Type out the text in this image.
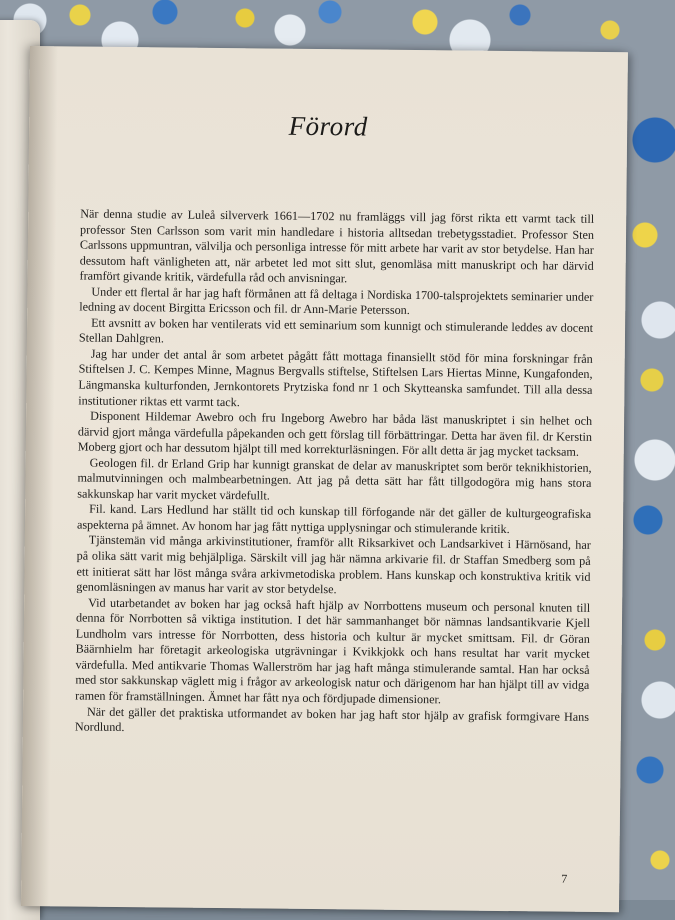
Förord

När denna studie av Luleå silververk 1661—1702 nu framläggs vill jag först rikta ett varmt tack till professor Sten Carlsson som varit min handledare i historia alltsedan trebetygsstadiet. Professor Sten Carlssons uppmuntran, välvilja och personliga intresse för mitt arbete har varit av stor betydelse. Han har dessutom haft vänligheten att, när arbetet led mot sitt slut, genomläsa mitt manuskript och har därvid framfört givande kritik, värdefulla råd och anvisningar.

Under ett flertal år har jag haft förmånen att få deltaga i Nordiska 1700-talsprojektets seminarier under ledning av docent Birgitta Ericsson och fil. dr Ann-Marie Petersson.

Ett avsnitt av boken har ventilerats vid ett seminarium som kunnigt och stimulerande leddes av docent Stellan Dahlgren.

Jag har under det antal år som arbetet pågått fått mottaga finansiellt stöd för mina forskningar från Stiftelsen J. C. Kempes Minne, Magnus Bergvalls stiftelse, Stiftelsen Lars Hiertas Minne, Kungafonden, Längmanska kulturfonden, Jernkontorets Prytziska fond nr 1 och Skytteanska samfundet. Till alla dessa institutioner riktas ett varmt tack.

Disponent Hildemar Awebro och fru Ingeborg Awebro har båda läst manuskriptet i sin helhet och därvid gjort många värdefulla påpekanden och gett förslag till förbättringar. Detta har även fil. dr Kerstin Moberg gjort och har dessutom hjälpt till med korrekturläsningen. För allt detta är jag mycket tacksam.

Geologen fil. dr Erland Grip har kunnigt granskat de delar av manuskriptet som berör teknikhistorien, malmutvinningen och malmbearbetningen. Att jag på detta sätt har fått tillgodogöra mig hans stora sakkunskap har varit mycket värdefullt.

Fil. kand. Lars Hedlund har ställt tid och kunskap till förfogande när det gäller de kulturgeografiska aspekterna på ämnet. Av honom har jag fått nyttiga upplysningar och stimulerande kritik.

Tjänstemän vid många arkivinstitutioner, framför allt Riksarkivet och Landsarkivet i Härnösand, har på olika sätt varit mig behjälpliga. Särskilt vill jag här nämna arkivarie fil. dr Staffan Smedberg som på ett initierat sätt har löst många svåra arkivmetodiska problem. Hans kunskap och konstruktiva kritik vid genomläsningen av manus har varit av stor betydelse.

Vid utarbetandet av boken har jag också haft hjälp av Norrbottens museum och personal knuten till denna för Norrbotten så viktiga institution. I det här sammanhanget bör nämnas landsantikvarie Kjell Lundholm vars intresse för Norrbotten, dess historia och kultur är mycket smittsam. Fil. dr Göran Bäärnhielm har företagit arkeologiska utgrävningar i Kvikkjokk och hans resultat har varit mycket värdefulla. Med antikvarie Thomas Wallerström har jag haft många stimulerande samtal. Han har också med stor sakkunskap väglett mig i frågor av arkeologisk natur och därigenom har han hjälpt till av vidga ramen för framställningen. Ämnet har fått nya och fördjupade dimensioner.

När det gäller det praktiska utformandet av boken har jag haft stor hjälp av grafisk formgivare Hans Nordlund.

7
